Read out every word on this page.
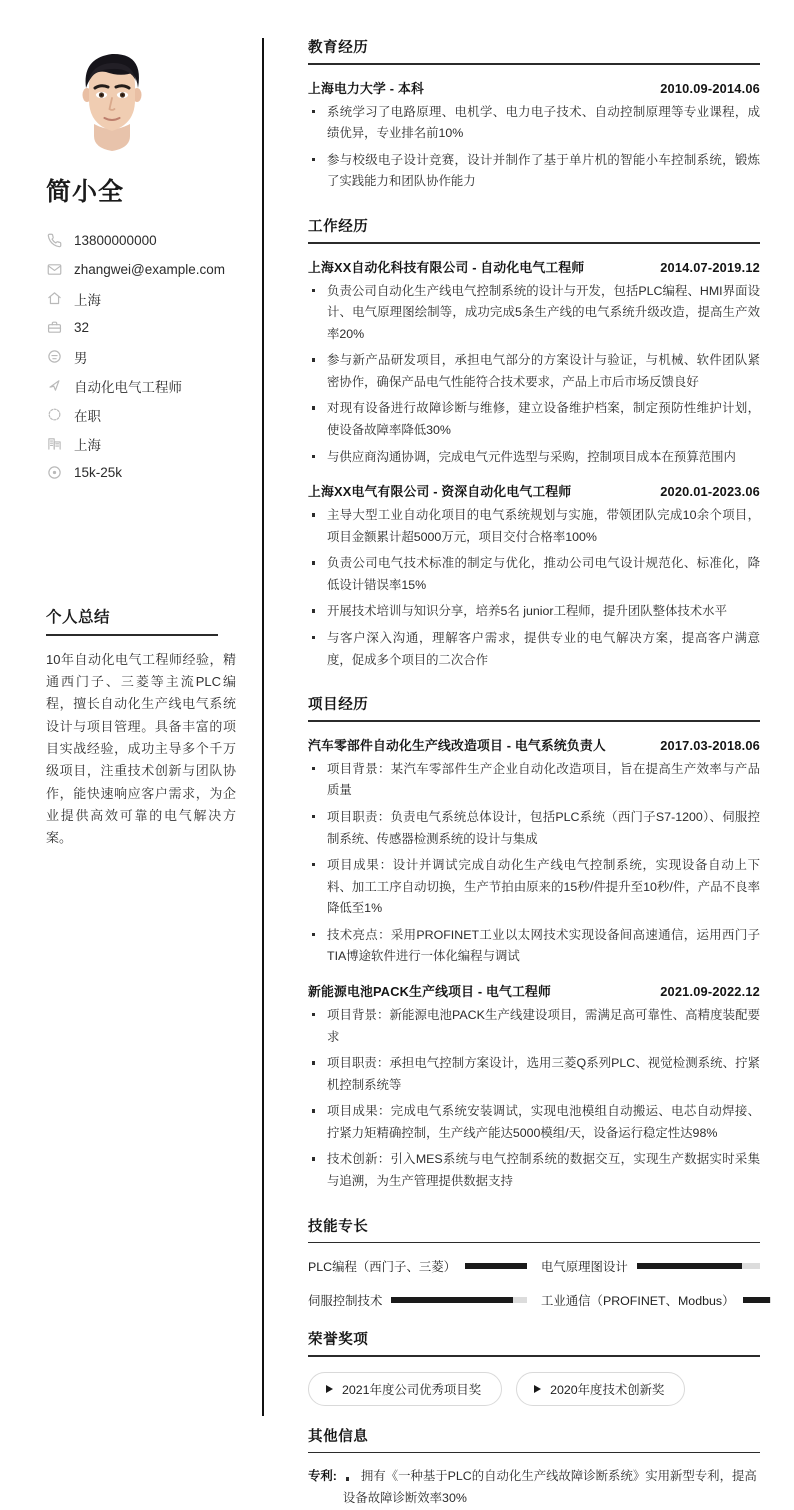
简小全
13800000000
zhangwei@example.com
上海
32
男
自动化电气工程师
在职
上海
15k-25k
个人总结
10年自动化电气工程师经验，精通西门子、三菱等主流PLC编程，擅长自动化生产线电气系统设计与项目管理。具备丰富的项目实战经验，成功主导多个千万级项目，注重技术创新与团队协作，能快速响应客户需求，为企业提供高效可靠的电气解决方案。
教育经历
上海电力大学 - 本科	2010.09-2014.06
系统学习了电路原理、电机学、电力电子技术、自动控制原理等专业课程，成绩优异，专业排名前10%
参与校级电子设计竞赛，设计并制作了基于单片机的智能小车控制系统，锻炼了实践能力和团队协作能力
工作经历
上海XX自动化科技有限公司 - 自动化电气工程师	2014.07-2019.12
负责公司自动化生产线电气控制系统的设计与开发，包括PLC编程、HMI界面设计、电气原理图绘制等，成功完成5条生产线的电气系统升级改造，提高生产效率20%
参与新产品研发项目，承担电气部分的方案设计与验证，与机械、软件团队紧密协作，确保产品电气性能符合技术要求，产品上市后市场反馈良好
对现有设备进行故障诊断与维修，建立设备维护档案，制定预防性维护计划，使设备故障率降低30%
与供应商沟通协调，完成电气元件选型与采购，控制项目成本在预算范围内
上海XX电气有限公司 - 资深自动化电气工程师	2020.01-2023.06
主导大型工业自动化项目的电气系统规划与实施，带领团队完成10余个项目，项目金额累计超5000万元，项目交付合格率100%
负责公司电气技术标准的制定与优化，推动公司电气设计规范化、标准化，降低设计错误率15%
开展技术培训与知识分享，培养5名 junior工程师，提升团队整体技术水平
与客户深入沟通，理解客户需求，提供专业的电气解决方案，提高客户满意度，促成多个项目的二次合作
项目经历
汽车零部件自动化生产线改造项目 - 电气系统负责人	2017.03-2018.06
项目背景：某汽车零部件生产企业自动化改造项目，旨在提高生产效率与产品质量
项目职责：负责电气系统总体设计，包括PLC系统（西门子S7-1200）、伺服控制系统、传感器检测系统的设计与集成
项目成果：设计并调试完成自动化生产线电气控制系统，实现设备自动上下料、加工工序自动切换，生产节拍由原来的15秒/件提升至10秒/件，产品不良率降低至1%
技术亮点：采用PROFINET工业以太网技术实现设备间高速通信，运用西门子TIA博途软件进行一体化编程与调试
新能源电池PACK生产线项目 - 电气工程师	2021.09-2022.12
项目背景：新能源电池PACK生产线建设项目，需满足高可靠性、高精度装配要求
项目职责：承担电气控制方案设计，选用三菱Q系列PLC、视觉检测系统、拧紧机控制系统等
项目成果：完成电气系统安装调试，实现电池模组自动搬运、电芯自动焊接、拧紧力矩精确控制，生产线产能达5000模组/天，设备运行稳定性达98%
技术创新：引入MES系统与电气控制系统的数据交互，实现生产数据实时采集与追溯，为生产管理提供数据支持
技能专长
PLC编程（西门子、三菱）	电气原理图设计
伺服控制技术	工业通信（PROFINET、Modbus）
荣誉奖项
2021年度公司优秀项目奖	2020年度技术创新奖
其他信息
专利:	拥有《一种基于PLC的自动化生产线故障诊断系统》实用新型专利，提高设备故障诊断效率30%
